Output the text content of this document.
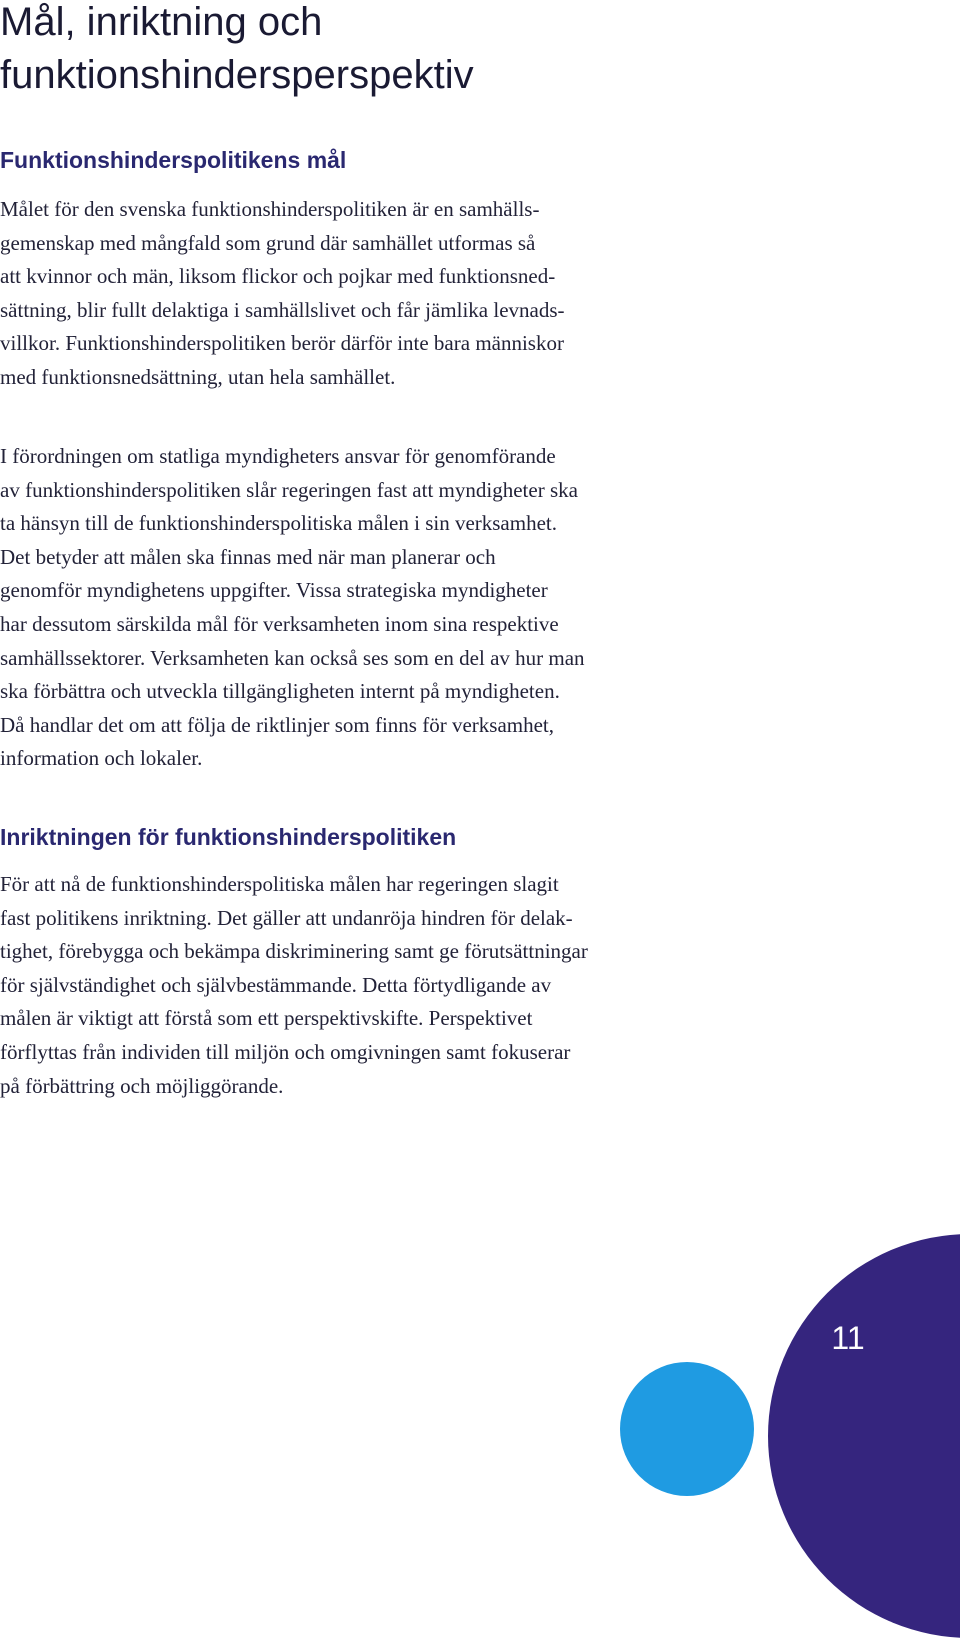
Mål, inriktning och
funktionshindersperspektiv
Funktionshinderspolitikens mål
Målet för den svenska funktionshinderspolitiken är en samhälls-
gemenskap med mångfald som grund där samhället utformas så
att kvinnor och män, liksom flickor och pojkar med funktionsned-
sättning, blir fullt delaktiga i samhällslivet och får jämlika levnads-
villkor. Funktionshinderspolitiken berör därför inte bara människor
med funktionsnedsättning, utan hela samhället.
I förordningen om statliga myndigheters ansvar för genomförande
av funktionshinderspolitiken slår regeringen fast att myndigheter ska
ta hänsyn till de funktionshinderspolitiska målen i sin verksamhet.
Det betyder att målen ska finnas med när man planerar och
genomför myndighetens uppgifter. Vissa strategiska myndigheter
har dessutom särskilda mål för verksamheten inom sina respektive
samhällssektorer. Verksamheten kan också ses som en del av hur man
ska förbättra och utveckla tillgängligheten internt på myndigheten.
Då handlar det om att följa de riktlinjer som finns för verksamhet,
information och lokaler.
Inriktningen för funktionshinderspolitiken
För att nå de funktionshinderspolitiska målen har regeringen slagit
fast politikens inriktning. Det gäller att undanröja hindren för delak-
tighet, förebygga och bekämpa diskriminering samt ge förutsättningar
för självständighet och självbestämmande. Detta förtydligande av
målen är viktigt att förstå som ett perspektivskifte. Perspektivet
förflyttas från individen till miljön och omgivningen samt fokuserar
på förbättring och möjliggörande.
11
